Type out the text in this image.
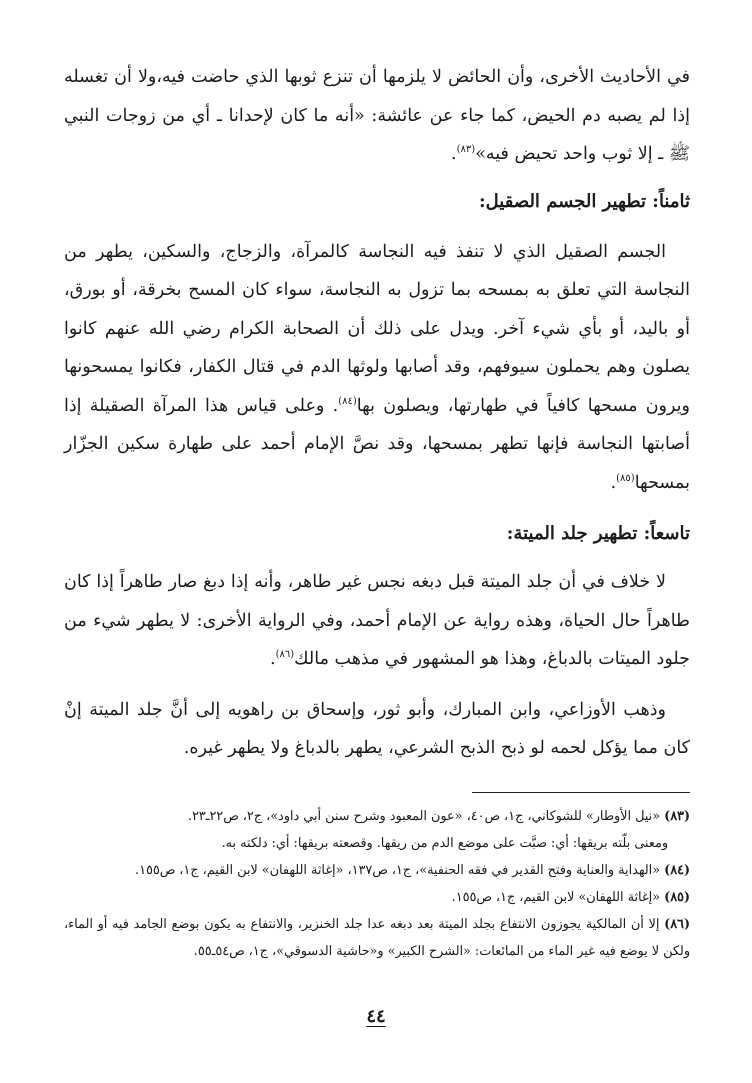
في الأحاديث الأخرى، وأن الحائض لا يلزمها أن تنزع ثوبها الذي حاضت فيه،ولا أن تغسله إذا لم يصبه دم الحيض، كما جاء عن عائشة: «أنه ما كان لإحدانا ـ أي من زوجات النبي ﷺ ـ إلا ثوب واحد تحيض فيه»$^{(٨٣)}$.

ثامناً: تطهير الجسم الصقيل:

الجسم الصقيل الذي لا تنفذ فيه النجاسة كالمرآة، والزجاج، والسكين، يطهر من النجاسة التي تعلق به بمسحه بما تزول به النجاسة، سواء كان المسح بخرقة، أو بورق، أو باليد، أو بأي شيء آخر. ويدل على ذلك أن الصحابة الكرام رضي الله عنهم كانوا يصلون وهم يحملون سيوفهم، وقد أصابها ولوثها الدم في قتال الكفار، فكانوا يمسحونها ويرون مسحها كافياً في طهارتها، ويصلون بها$^{(٨٤)}$. وعلى قياس هذا المرآة الصقيلة إذا أصابتها النجاسة فإنها تطهر بمسحها، وقد نصَّ الإمام أحمد على طهارة سكين الجزّار بمسحها$^{(٨٥)}$.

تاسعاً: تطهير جلد الميتة:

لا خلاف في أن جلد الميتة قبل دبغه نجس غير طاهر، وأنه إذا دبغ صار طاهراً إذا كان طاهراً حال الحياة، وهذه رواية عن الإمام أحمد، وفي الرواية الأخرى: لا يطهر شيء من جلود الميتات بالدباغ، وهذا هو المشهور في مذهب مالك$^{(٨٦)}$.

وذهب الأوزاعي، وابن المبارك، وأبو ثور، وإسحاق بن راهويه إلى أنَّ جلد الميتة إنْ كان مما يؤكل لحمه لو ذبح الذبح الشرعي، يطهر بالدباغ ولا يطهر غيره.

(٨٣) «نيل الأوطار» للشوكاني، ج١، ص٤٠، «عون المعبود وشرح سنن أبي داود»، ج٢، ص٢٢ـ٢٣.

ومعنى بلّته بريقها: أي: صبَّت على موضع الدم من ريقها. وقصعته بريقها: أي: دلكته به.

(٨٤) «الهداية والعناية وفتح القدير في فقه الحنفية»، ج١، ص١٣٧، «إغاثة اللهفان» لابن القيم، ج١، ص١٥٥.

(٨٥) «إغاثة اللهفان» لابن القيم، ج١، ص١٥٥.

(٨٦) إلا أن المالكية يجوزون الانتفاع بجلد الميتة بعد دبغه عدا جلد الخنزير، والانتفاع به يكون بوضع الجامد فيه أو الماء، ولكن لا يوضع فيه غير الماء من المائعات: «الشرح الكبير» و«حاشية الدسوقي»، ج١، ص٥٤ـ٥٥.

٤٤
